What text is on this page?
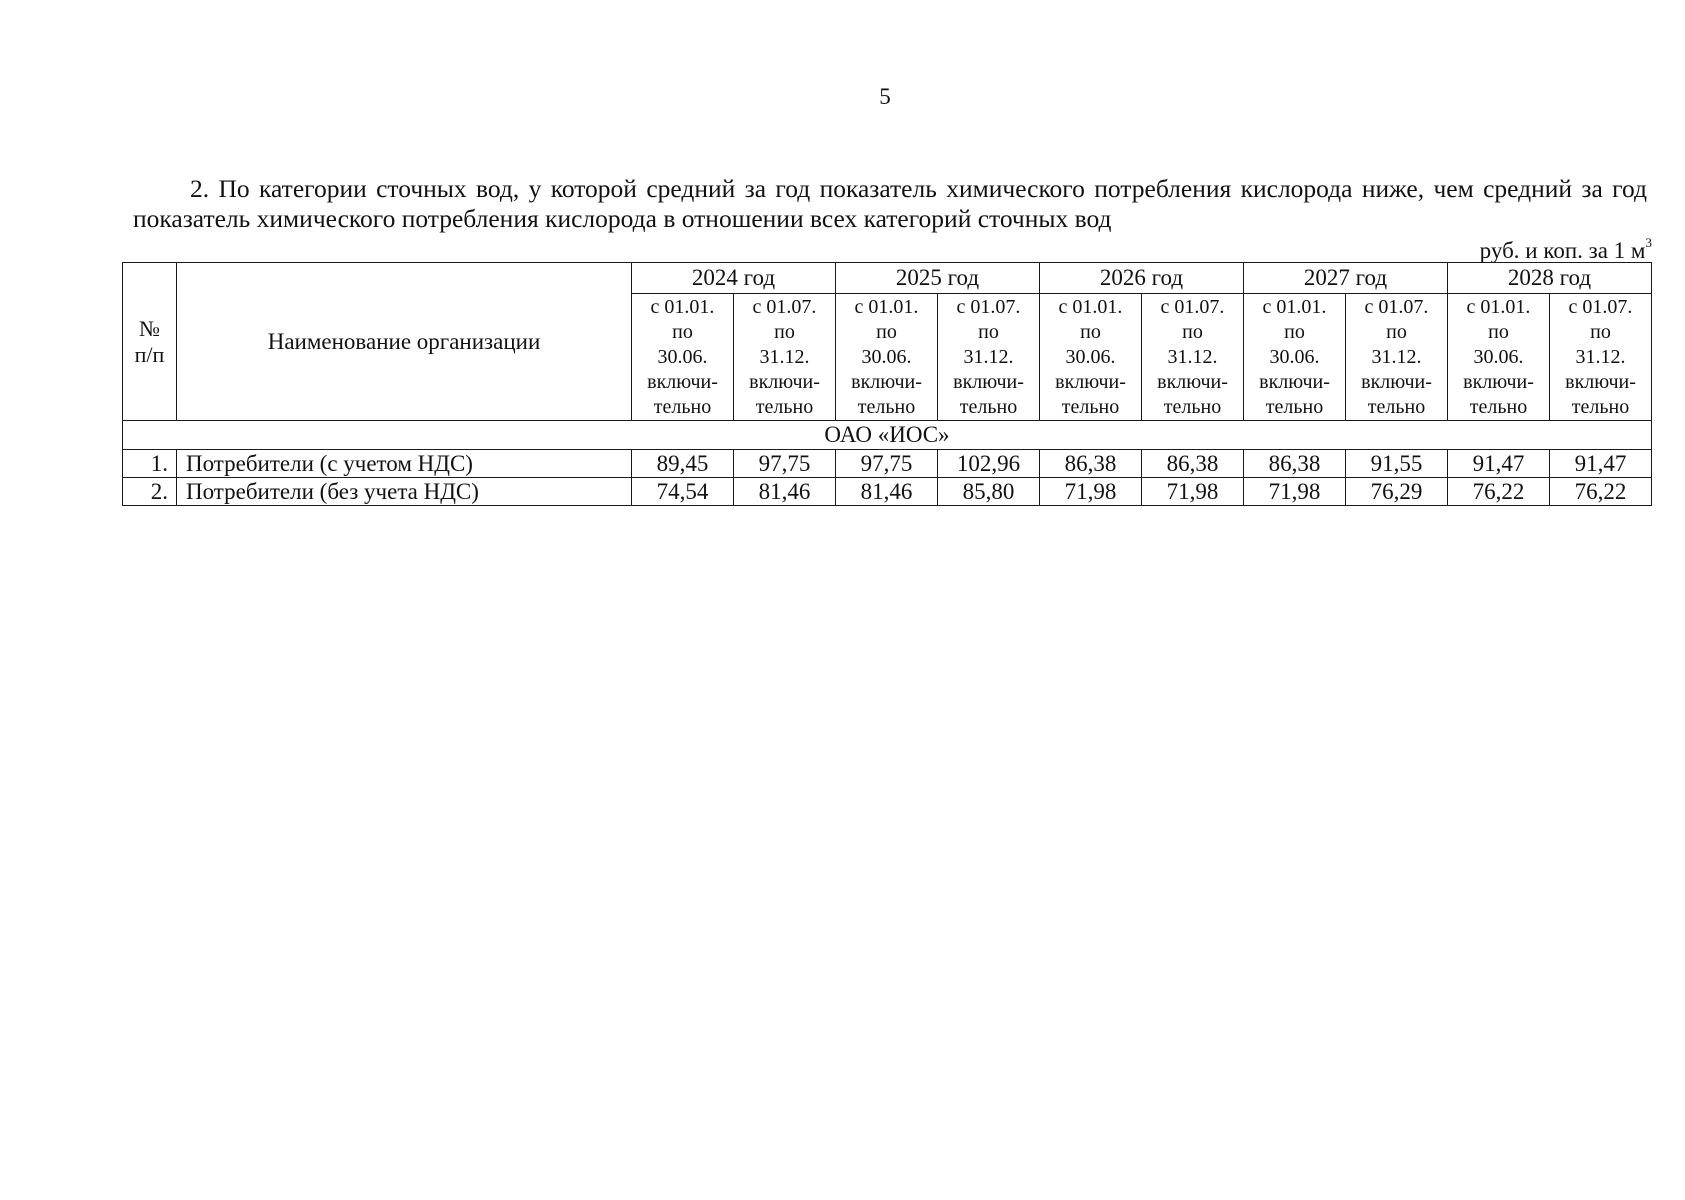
5
2. По категории сточных вод, у которой средний за год показатель химического потребления кислорода ниже, чем средний за год показатель химического потребления кислорода в отношении всех категорий сточных вод
руб. и коп. за 1 $м^3$
№
п/п	Наименование организации	2024 год		2025 год		2026 год		2027 год		2028 год	

		с 01.01.
по
30.06.
включи-
тельно	с 01.07.
по
31.12.
включи-
тельно	с 01.01.
по
30.06.
включи-
тельно	с 01.07.
по
31.12.
включи-
тельно	с 01.01.
по
30.06.
включи-
тельно	с 01.07.
по
31.12.
включи-
тельно	с 01.01.
по
30.06.
включи-
тельно	с 01.07.
по
31.12.
включи-
тельно	с 01.01.
по
30.06.
включи-
тельно	с 01.07.
по
31.12.
включи-
тельно

ОАО «ИОС»											
1.	Потребители (с учетом НДС)	89,45	97,75	97,75	102,96	86,38	86,38	86,38	91,55	91,47	91,47
2.	Потребители (без учета НДС)	74,54	81,46	81,46	85,80	71,98	71,98	71,98	76,29	76,22	76,22
